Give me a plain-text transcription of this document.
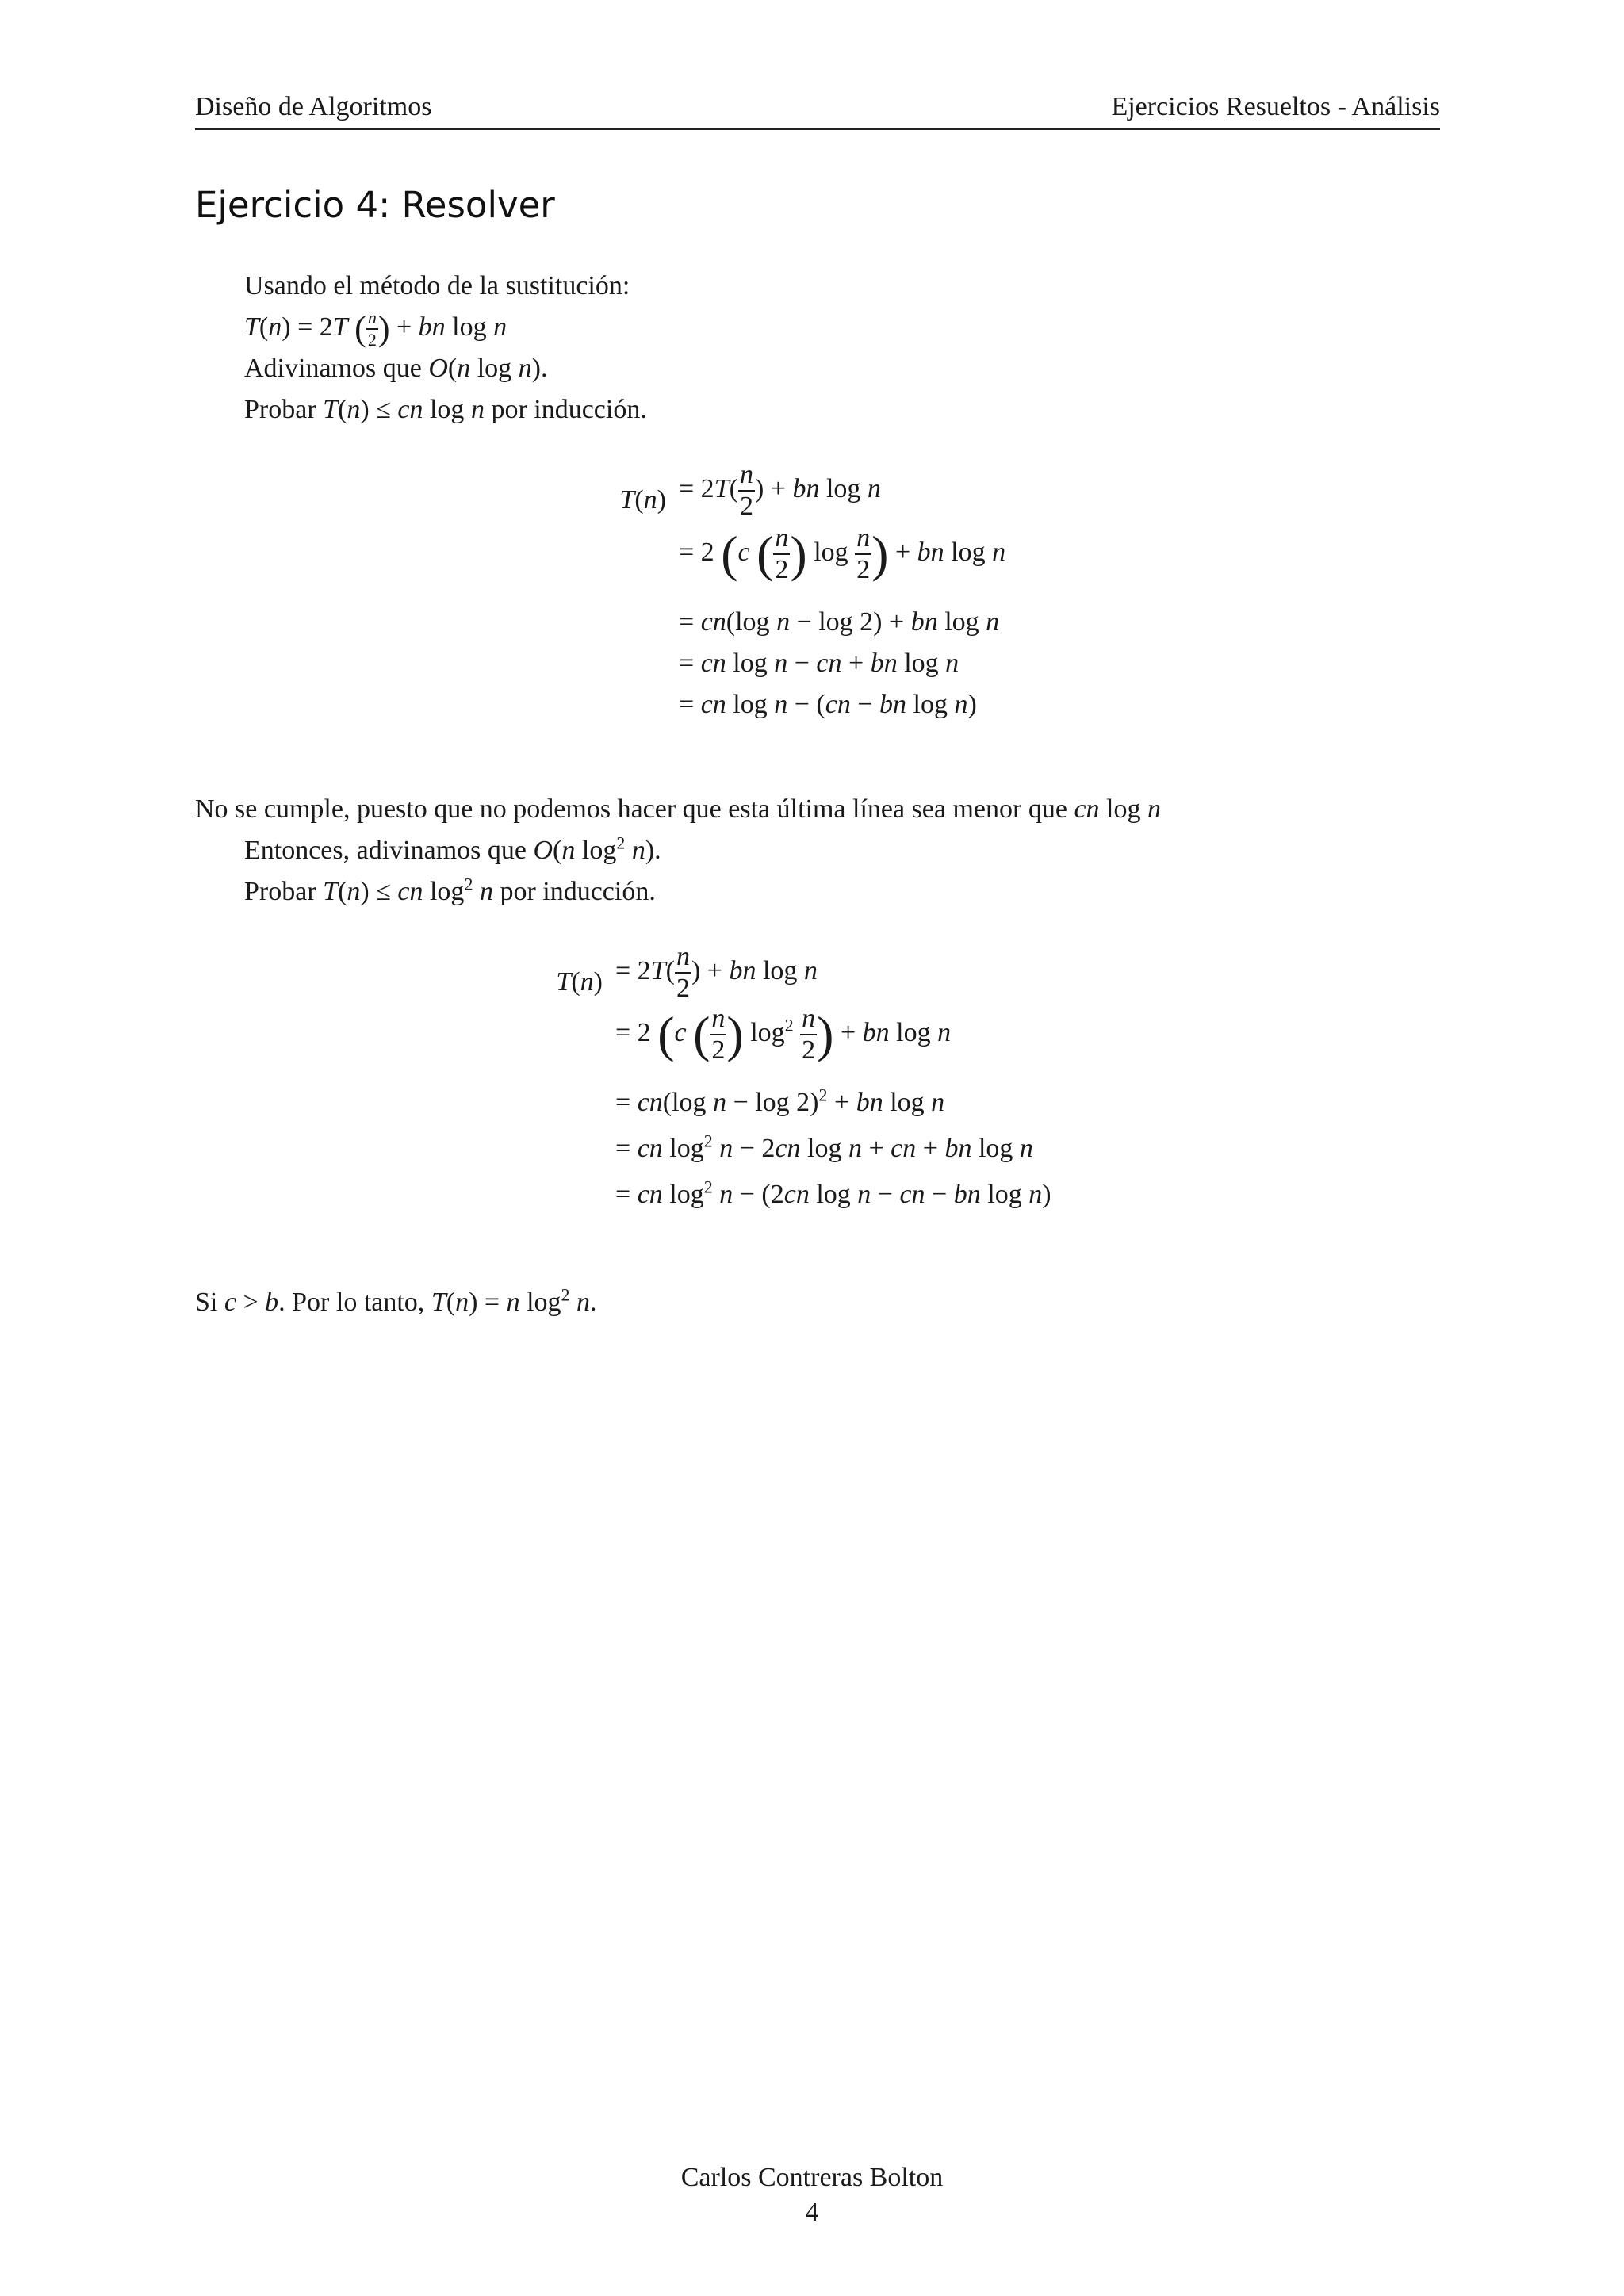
Diseño de Algoritmos	Ejercicios Resueltos - Análisis
Ejercicio 4: Resolver
Usando el método de la sustitución:
T(n) = 2T ( $\frac{n}{2}$ ) + bn log n
Adivinamos que O(n log n).
Probar T(n) ≤ cn log n por inducción.
$T(n) = 2T( \frac{n}{2}$ ) + bn log n
= 2 (c ( $\frac{n}{2}$ ) $\log \frac{n}{2}$ ) + bn log n
= cn(log n − log 2) + bn log n
= cn log n − cn + bn log n
= cn log n − (cn − bn log n)
No se cumple, puesto que no podemos hacer que esta última línea sea menor que cn log n
Entonces, adivinamos que O(n $\log^2 n$).
Probar T(n) ≤ cn $\log^2 n$ por inducción.
$T(n) = 2T( \frac{n}{2}$ ) + bn log n
= 2 (c ( $\frac{n}{2}$ ) $\log^2 \frac{n}{2}$ ) + bn log n
= cn(log n − log 2)$^2$ + bn log n
= cn $\log^2 n - 2cn$ log n + cn + bn log n
= cn $\log^2 n - (2cn$ log n − cn − bn log n)
Si c > b. Por lo tanto, T(n) = n $\log^2 n$.
Carlos Contreras Bolton
4
